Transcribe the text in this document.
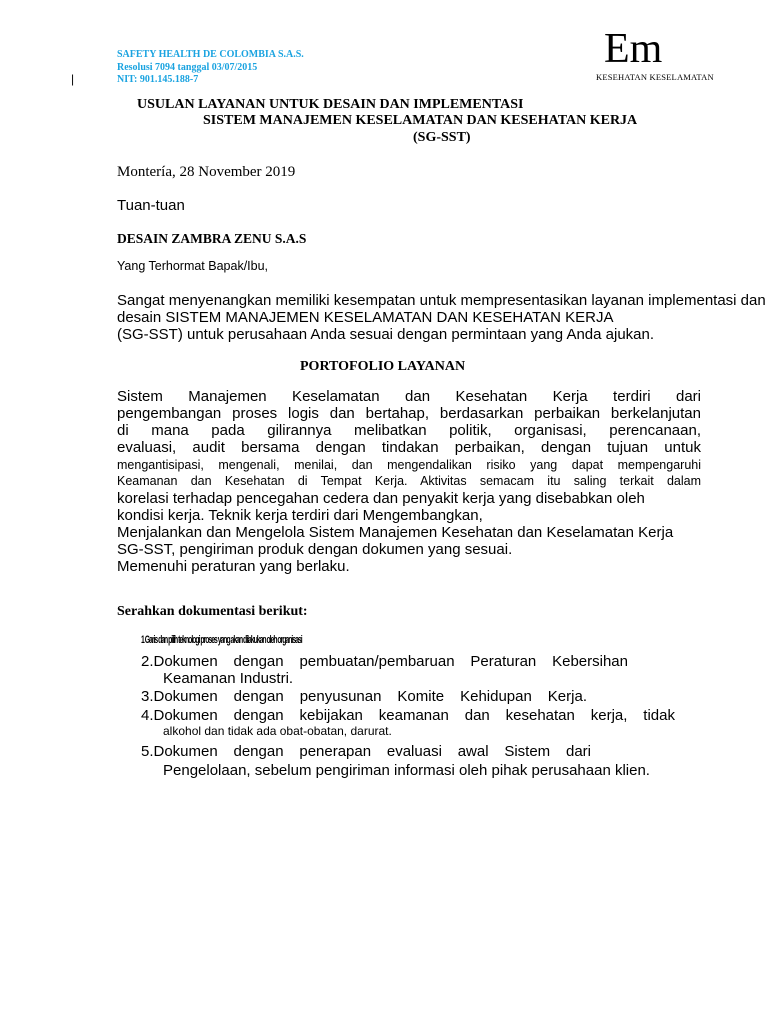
SAFETY HEALTH DE COLOMBIA S.A.S.
Resolusi 7094 tanggal 03/07/2015
NIT: 901.145.188-7
|
Em
KESEHATAN KESELAMATAN
USULAN LAYANAN UNTUK DESAIN DAN IMPLEMENTASI
SISTEM MANAJEMEN KESELAMATAN DAN KESEHATAN KERJA
(SG-SST)
Montería, 28 November 2019
Tuan-tuan
DESAIN ZAMBRA ZENU S.A.S
Yang Terhormat Bapak/Ibu,
Sangat menyenangkan memiliki kesempatan untuk mempresentasikan layanan implementasi dan
desain SISTEM MANAJEMEN KESELAMATAN DAN KESEHATAN KERJA
(SG-SST) untuk perusahaan Anda sesuai dengan permintaan yang Anda ajukan.
PORTOFOLIO LAYANAN
Sistem Manajemen Keselamatan dan Kesehatan Kerja terdiri dari
pengembangan proses logis dan bertahap, berdasarkan perbaikan berkelanjutan
di mana pada gilirannya melibatkan politik, organisasi, perencanaan,
evaluasi, audit bersama dengan tindakan perbaikan, dengan tujuan untuk
mengantisipasi, mengenali, menilai, dan mengendalikan risiko yang dapat mempengaruhi
Keamanan dan Kesehatan di Tempat Kerja. Aktivitas semacam itu saling terkait dalam
korelasi terhadap pencegahan cedera dan penyakit kerja yang disebabkan oleh
kondisi kerja. Teknik kerja terdiri dari Mengembangkan,
Menjalankan dan Mengelola Sistem Manajemen Kesehatan dan Keselamatan Kerja
SG-SST, pengiriman produk dengan dokumen yang sesuai.
Memenuhi peraturan yang berlaku.
Serahkan dokumentasi berikut:
1 Garis dan pilih teknologi proses yang akan dilakukan oleh organisasi
2.Dokumen dengan pembuatan/pembaruan Peraturan Kebersihan
Keamanan Industri.
3.Dokumen dengan penyusunan Komite Kehidupan Kerja.
4.Dokumen dengan kebijakan keamanan dan kesehatan kerja, tidak
alkohol dan tidak ada obat-obatan, darurat.
5.Dokumen dengan penerapan evaluasi awal Sistem dari
Pengelolaan, sebelum pengiriman informasi oleh pihak perusahaan klien.
